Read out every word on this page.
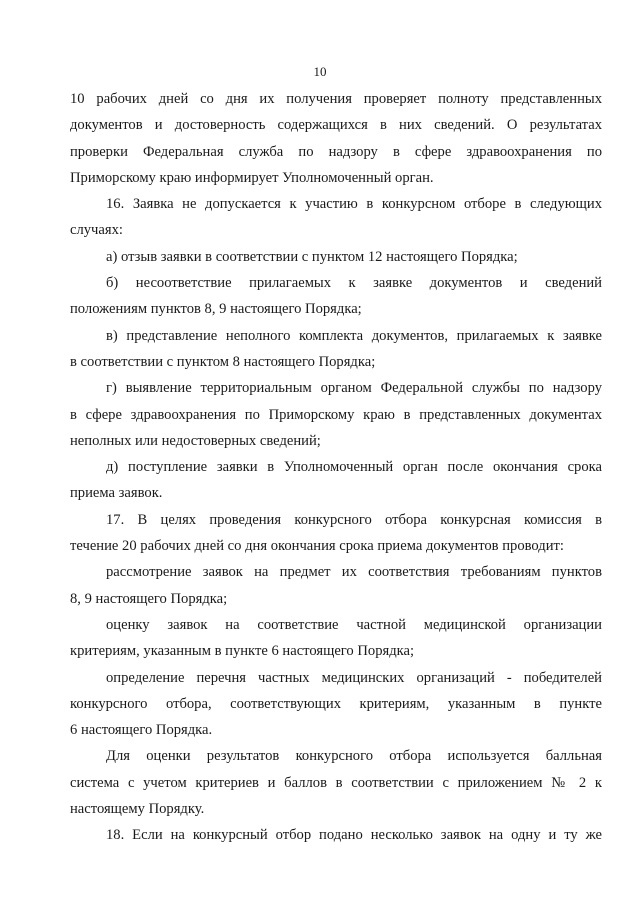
10
10 рабочих дней со дня их получения проверяет полноту представленных
документов и достоверность содержащихся в них сведений. О результатах
проверки Федеральная служба по надзору в сфере здравоохранения по
Приморскому краю информирует Уполномоченный орган.
16. Заявка не допускается к участию в конкурсном отборе в следующих
случаях:
а) отзыв заявки в соответствии с пунктом 12 настоящего Порядка;
б) несоответствие прилагаемых к заявке документов и сведений
положениям пунктов 8, 9 настоящего Порядка;
в) представление неполного комплекта документов, прилагаемых к заявке
в соответствии с пунктом 8 настоящего Порядка;
г) выявление территориальным органом Федеральной службы по надзору
в сфере здравоохранения по Приморскому краю в представленных документах
неполных или недостоверных сведений;
д) поступление заявки в Уполномоченный орган после окончания срока
приема заявок.
17. В целях проведения конкурсного отбора конкурсная комиссия в
течение 20 рабочих дней со дня окончания срока приема документов проводит:
рассмотрение заявок на предмет их соответствия требованиям пунктов
8, 9 настоящего Порядка;
оценку заявок на соответствие частной медицинской организации
критериям, указанным в пункте 6 настоящего Порядка;
определение перечня частных медицинских организаций - победителей
конкурсного отбора, соответствующих критериям, указанным в пункте
6 настоящего Порядка.
Для оценки результатов конкурсного отбора используется балльная
система с учетом критериев и баллов в соответствии с приложением № 2 к
настоящему Порядку.
18. Если на конкурсный отбор подано несколько заявок на одну и ту же
